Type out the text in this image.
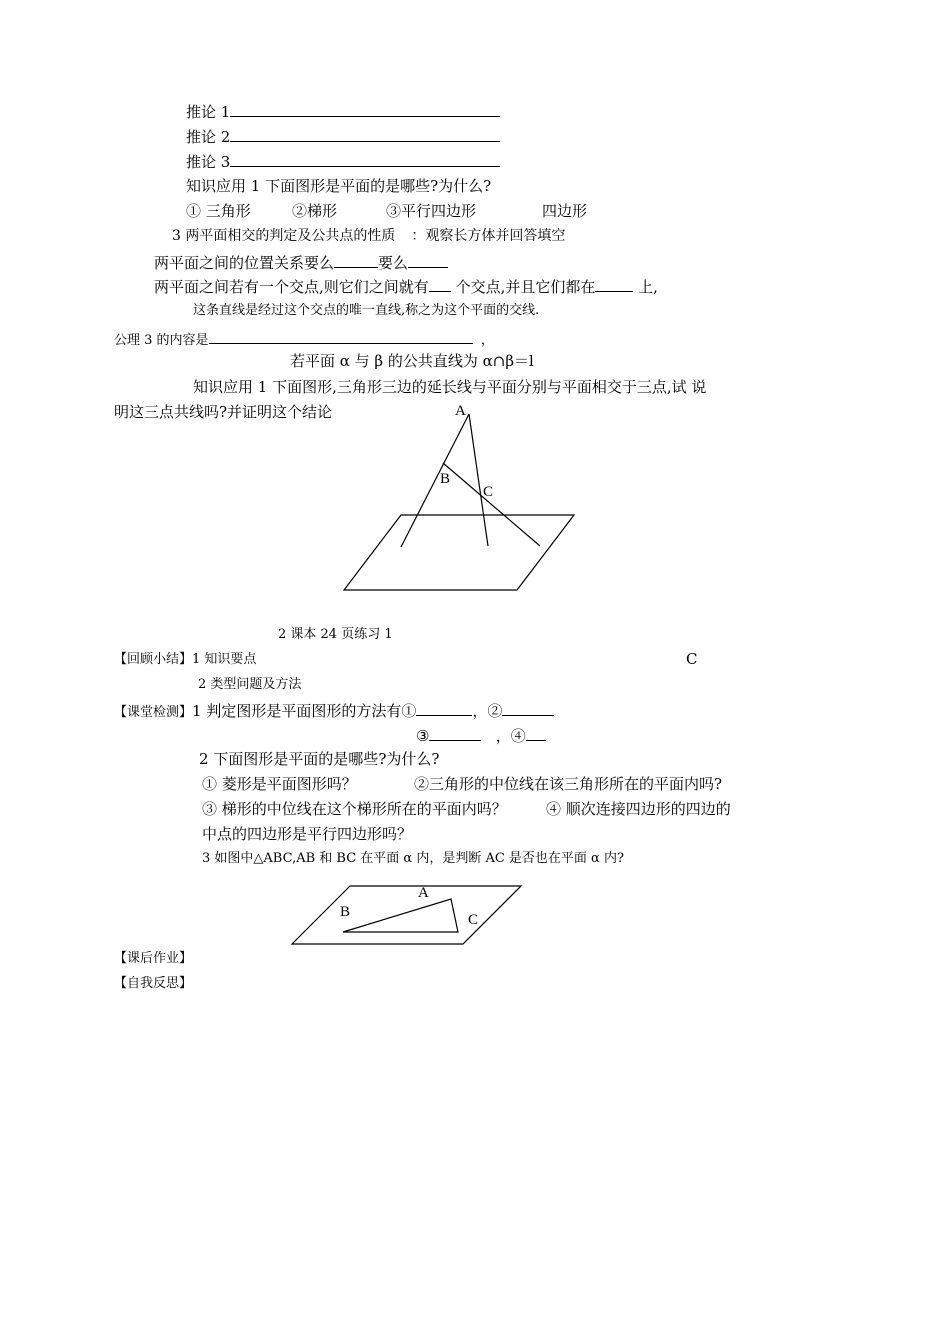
推论 1
推论 2
推论 3
知识应用 1 下面图形是平面的是哪些?为什么?
① 三角形	②梯形	③平行四边形	四边形
3 两平面相交的判定及公共点的性质 ：观察长方体并回答填空
两平面之间的位置关系要么	要么
两平面之间若有一个交点,则它们之间就有 个交点,并且它们都在	上,
这条直线是经过这个交点的唯一直线,称之为这个平面的交线.
公理 3 的内容是	，
若平面 α 与 β 的公共直线为 α∩β＝l
知识应用 1 下面图形,三角形三边的延长线与平面分别与平面相交于三点,试 说
明这三点共线吗?并证明这个结论	A
B
C
2 课本 24 页练习 1
【回顾小结】1 知识要点	C
2 类型问题及方法
【课堂检测】1 判定图形是平面图形的方法有①	，②
③	，④
2 下面图形是平面的是哪些?为什么?
① 菱形是平面图形吗？	②三角形的中位线在该三角形所在的平面内吗?
③ 梯形的中位线在这个梯形所在的平面内吗？	④ 顺次连接四边形的四边的
中点的四边形是平行四边形吗？
3 如图中△ABC,AB 和 BC 在平面 α 内，是判断 AC 是否也在平面 α 内?
A
B	C
【课后作业】
【自我反思】
